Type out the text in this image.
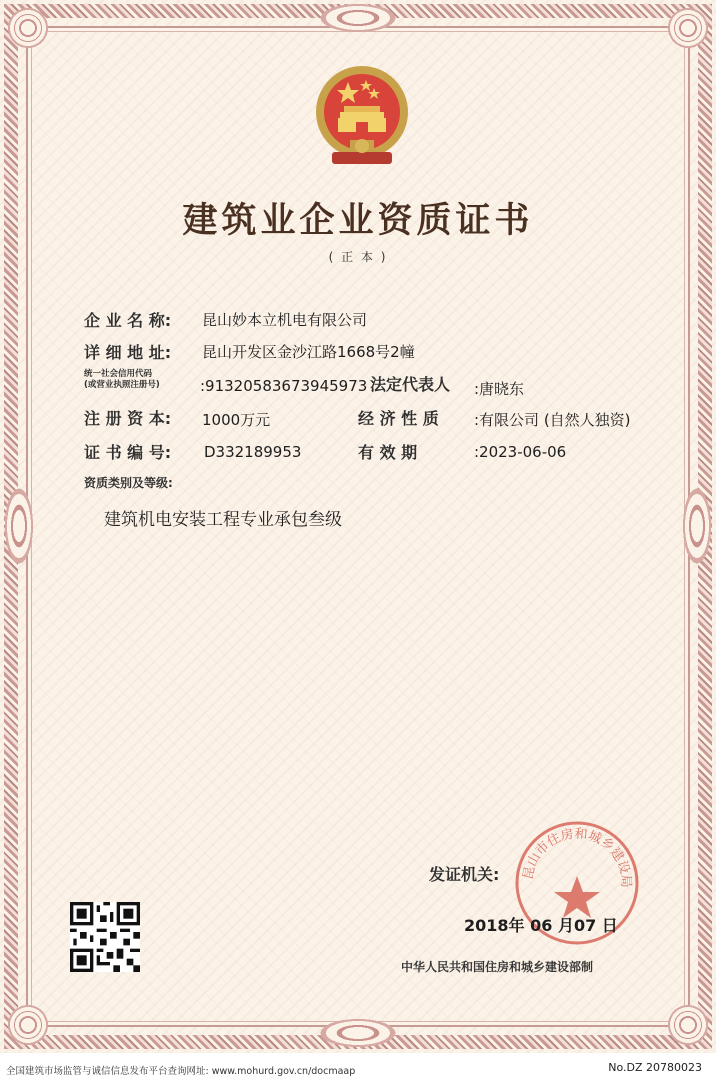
建筑业企业资质证书
( 正 本 )
企 业 名 称: 昆山妙本立机电有限公司
详 细 地 址: 昆山开发区金沙江路1668号2幢
统一社会信用代码
(或营业执照注册号)	:91320583673945973 法定代表人 :唐晓东
注 册 资 本: 1000万元	经 济 性 质 :有限公司 (自然人独资)
证 书 编 号: D332189953	有 效 期	:2023-06-06
资质类别及等级:
建筑机电安装工程专业承包叁级
昆山市住房和城乡建设局
发证机关:
2018年 06 月07 日
中华人民共和国住房和城乡建设部制
全国建筑市场监管与诚信信息发布平台查询网址: www.mohurd.gov.cn/docmaap	No.DZ 20780023
